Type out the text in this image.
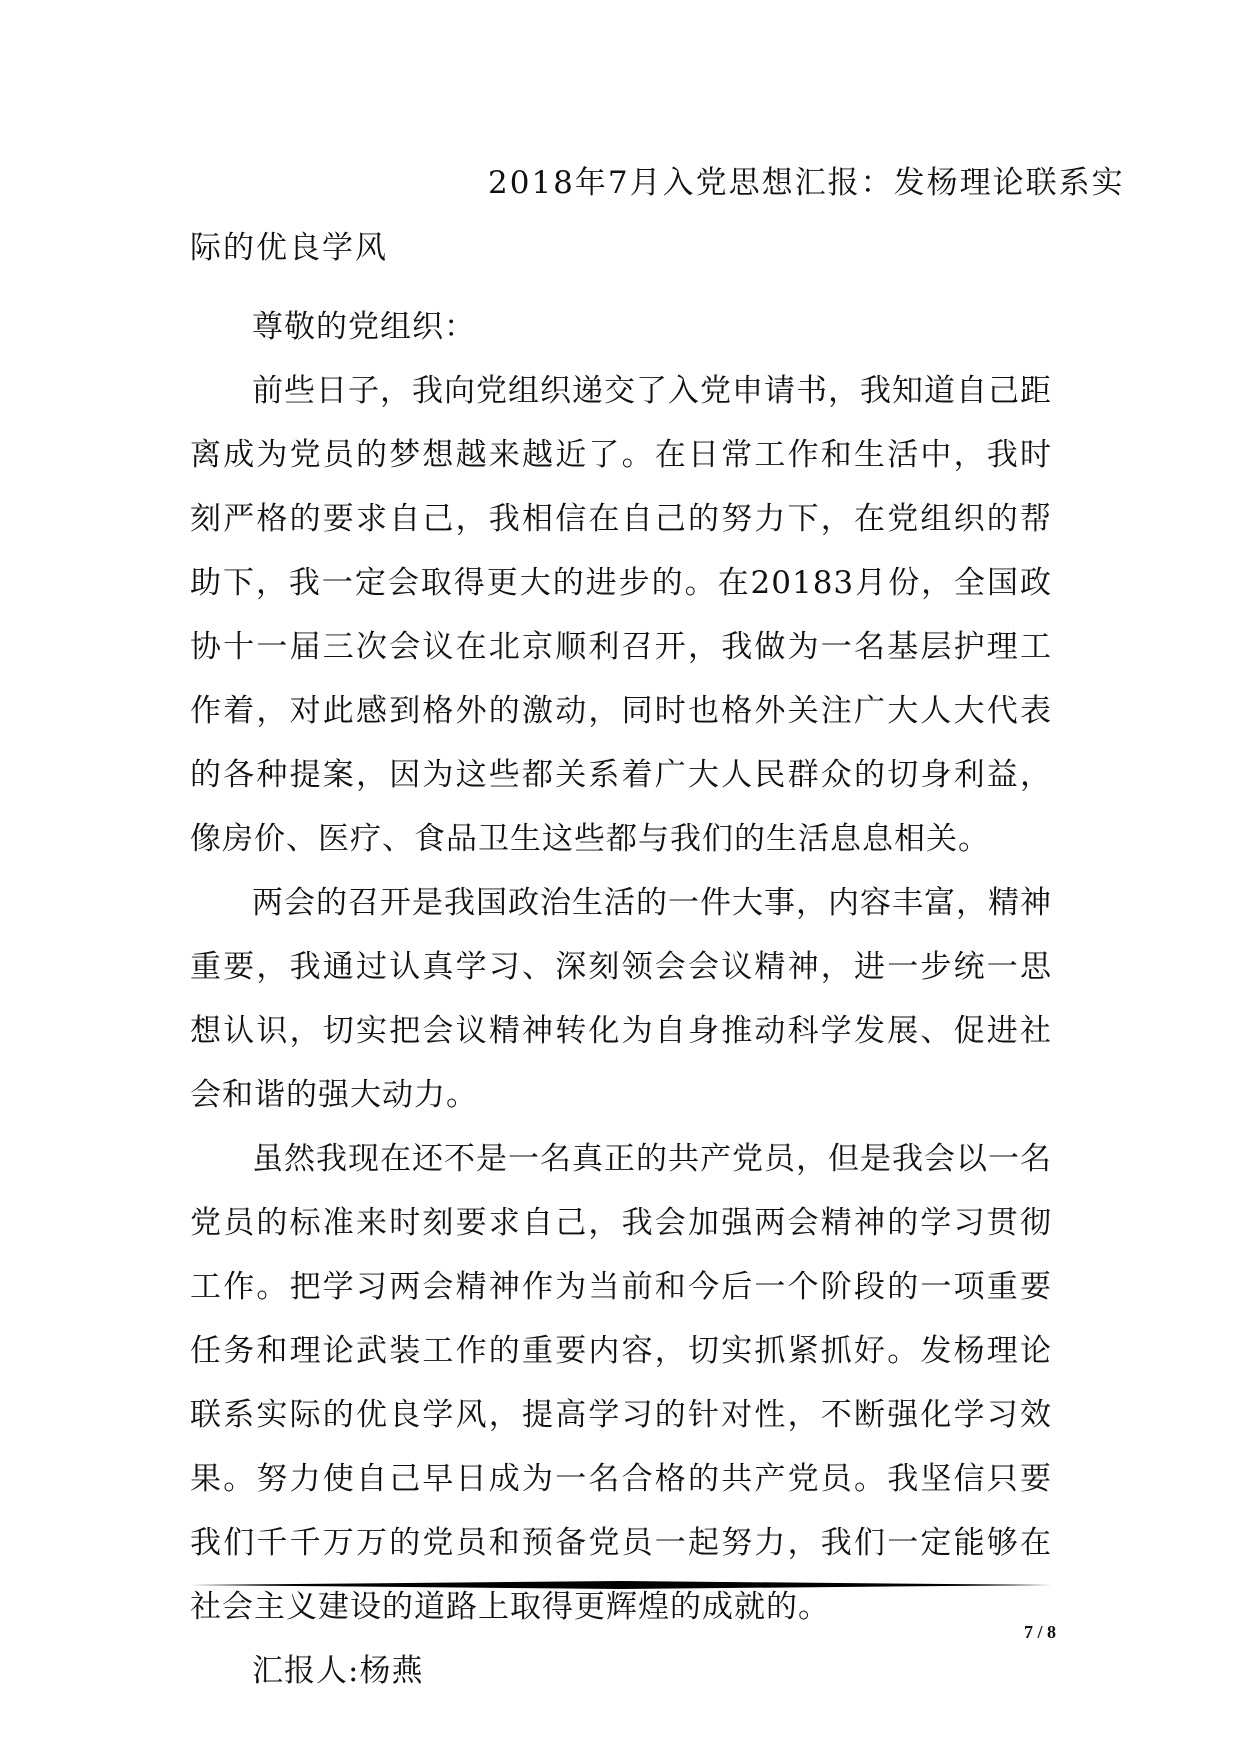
2018年7月入党思想汇报：发杨理论联系实
际的优良学风

尊敬的党组织：

前些日子，我向党组织递交了入党申请书，我知道自己距离成为党员的梦想越来越近了。在日常工作和生活中，我时刻严格的要求自己，我相信在自己的努力下，在党组织的帮助下，我一定会取得更大的进步的。在20183月份，全国政协十一届三次会议在北京顺利召开，我做为一名基层护理工作着，对此感到格外的激动，同时也格外关注广大人大代表的各种提案，因为这些都关系着广大人民群众的切身利益，像房价、医疗、食品卫生这些都与我们的生活息息相关。

两会的召开是我国政治生活的一件大事，内容丰富，精神重要，我通过认真学习、深刻领会会议精神，进一步统一思想认识，切实把会议精神转化为自身推动科学发展、促进社会和谐的强大动力。

虽然我现在还不是一名真正的共产党员，但是我会以一名党员的标准来时刻要求自己，我会加强两会精神的学习贯彻工作。把学习两会精神作为当前和今后一个阶段的一项重要任务和理论武装工作的重要内容，切实抓紧抓好。发杨理论联系实际的优良学风，提高学习的针对性，不断强化学习效果。努力使自己早日成为一名合格的共产党员。我坚信只要我们千千万万的党员和预备党员一起努力，我们一定能够在社会主义建设的道路上取得更辉煌的成就的。

汇报人:杨燕

7 / 8
